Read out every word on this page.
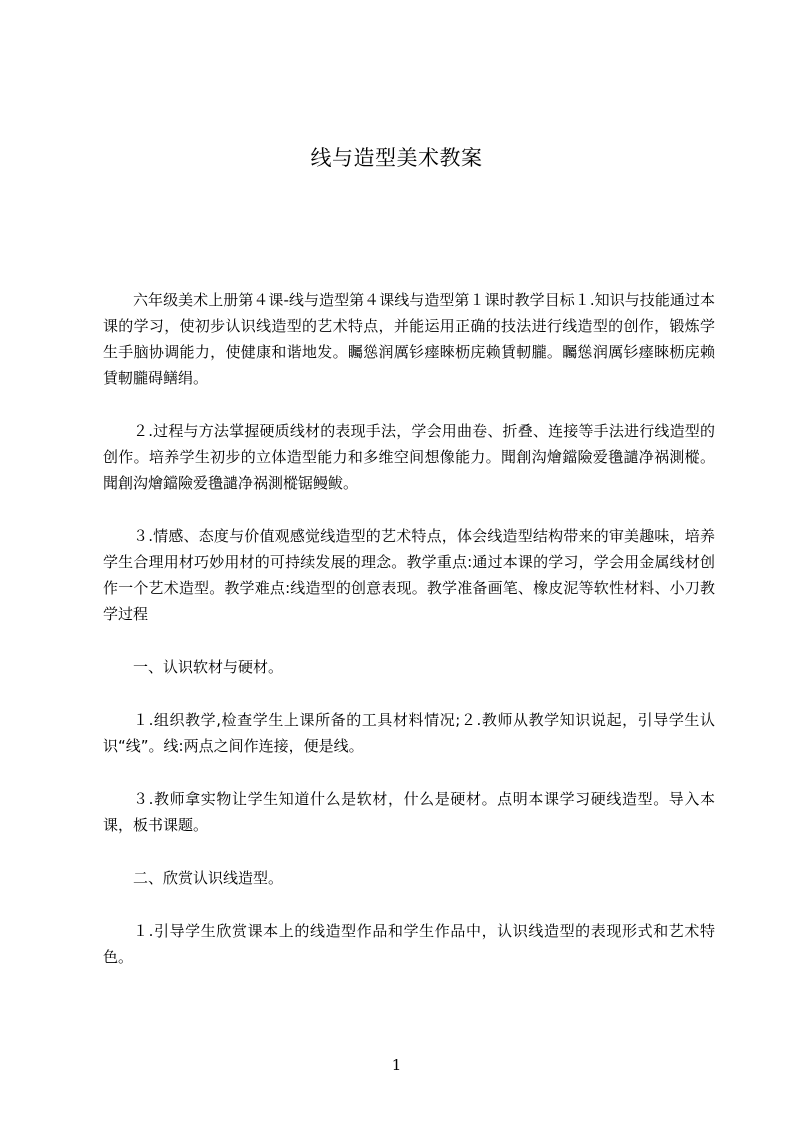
线与造型美术教案

六年级美术上册第４课-线与造型第４课线与造型第１课时教学目标１.知识与技能通过本课的学习，使初步认识线造型的艺术特点，并能运用正确的技法进行线造型的创作，锻炼学生手脑协调能力，使健康和谐地发。矚慫润厲钐瘗睞枥庑赖賃軔朧。矚慫润厲钐瘗睞枥庑赖賃軔朧碍鳝绢。

２.过程与方法掌握硬质线材的表现手法，学会用曲卷、折叠、连接等手法进行线造型的创作。培养学生初步的立体造型能力和多维空间想像能力。聞創沟燴鐺險爱氇譴净祸測樅。聞創沟燴鐺險爱氇譴净祸測樅锯鳗鲅。

３.情感、态度与价值观感觉线造型的艺术特点，体会线造型结构带来的审美趣味，培养学生合理用材巧妙用材的可持续发展的理念。教学重点:通过本课的学习，学会用金属线材创作一个艺术造型。教学难点:线造型的创意表现。教学准备画笔、橡皮泥等软性材料、小刀教学过程

一、认识软材与硬材。

１.组织教学,检查学生上课所备的工具材料情况;２.教师从教学知识说起，引导学生认识“线”。线:两点之间作连接，便是线。

３.教师拿实物让学生知道什么是软材，什么是硬材。点明本课学习硬线造型。导入本课，板书课题。

二、欣赏认识线造型。

１.引导学生欣赏课本上的线造型作品和学生作品中，认识线造型的表现形式和艺术特色。

1
